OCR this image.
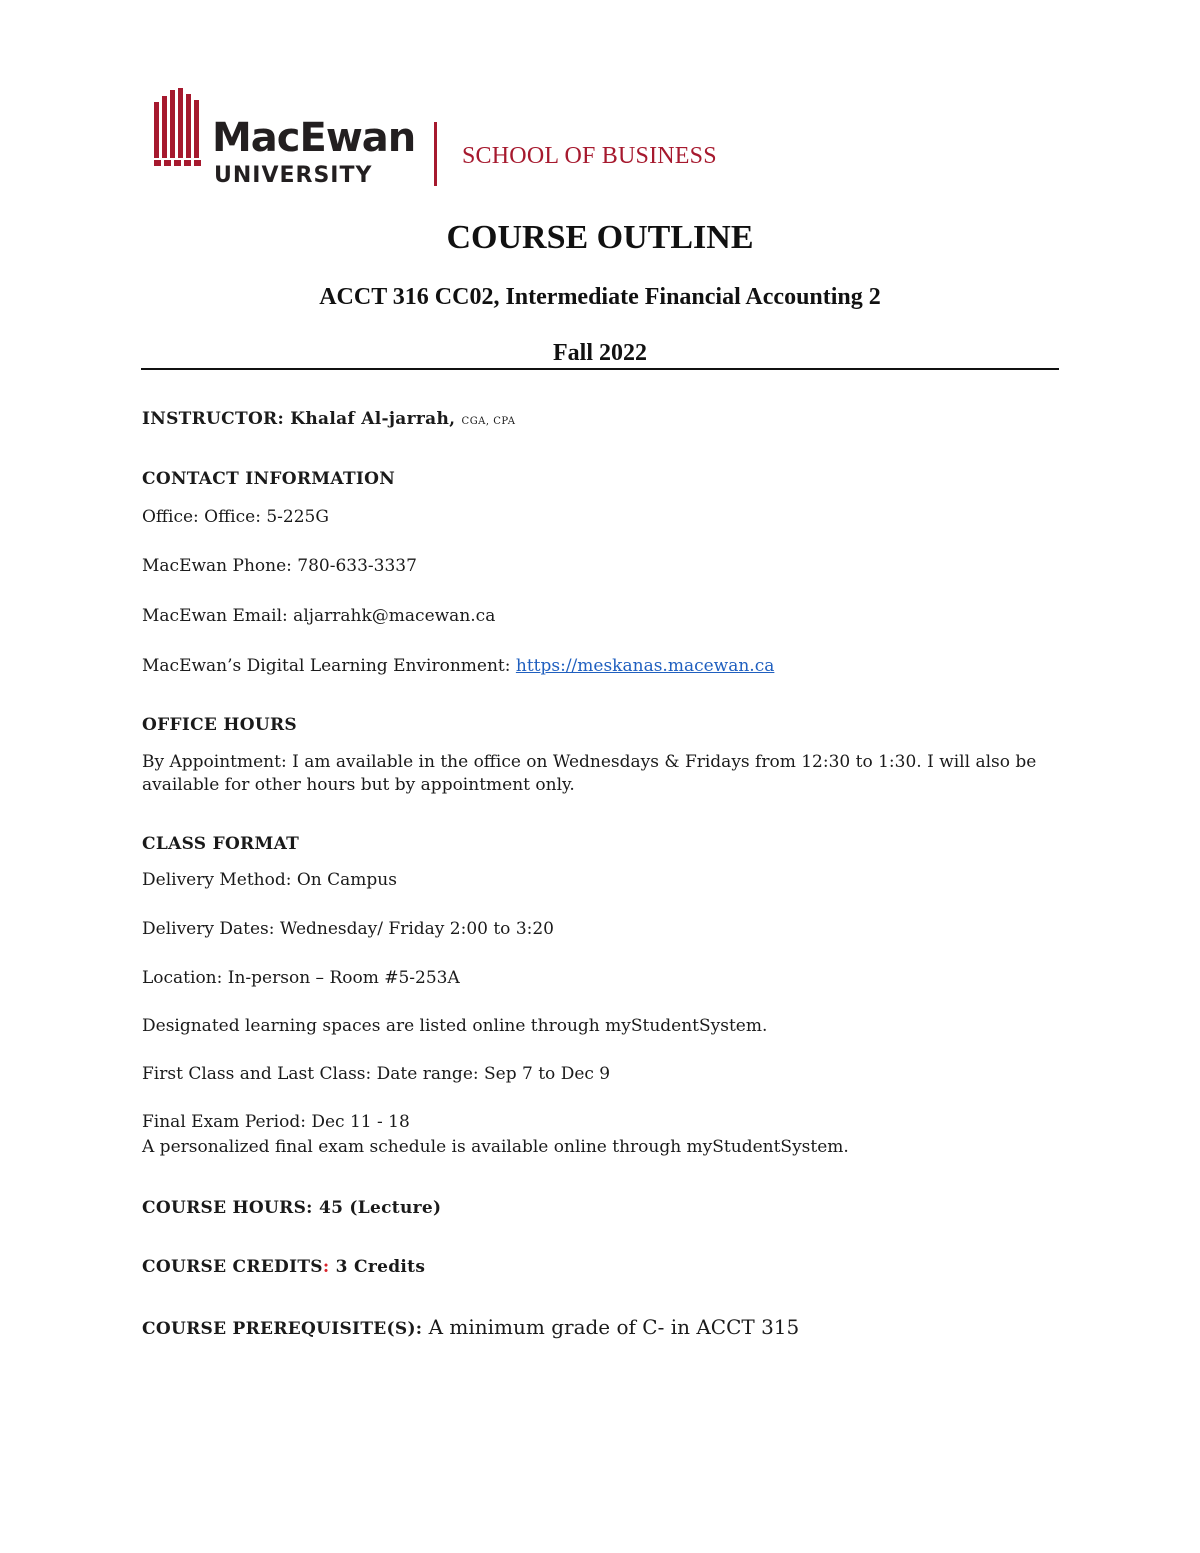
MacEwan
UNIVERSITY
SCHOOL OF BUSINESS
COURSE OUTLINE
ACCT 316 CC02, Intermediate Financial Accounting 2
Fall 2022
INSTRUCTOR: Khalaf Al-jarrah, CGA, CPA
CONTACT INFORMATION
Office: Office: 5-225G
MacEwan Phone: 780-633-3337
MacEwan Email: aljarrahk@macewan.ca
MacEwan’s Digital Learning Environment: https://meskanas.macewan.ca
OFFICE HOURS
By Appointment: I am available in the office on Wednesdays & Fridays from 12:30 to 1:30. I will also be available for other hours but by appointment only.
CLASS FORMAT
Delivery Method: On Campus
Delivery Dates: Wednesday/ Friday 2:00 to 3:20
Location: In-person – Room #5-253A
Designated learning spaces are listed online through myStudentSystem.
First Class and Last Class: Date range: Sep 7 to Dec 9
Final Exam Period: Dec 11 - 18
A personalized final exam schedule is available online through myStudentSystem.
COURSE HOURS: 45 (Lecture)
COURSE CREDITS: 3 Credits
COURSE PREREQUISITE(S): A minimum grade of C- in ACCT 315
